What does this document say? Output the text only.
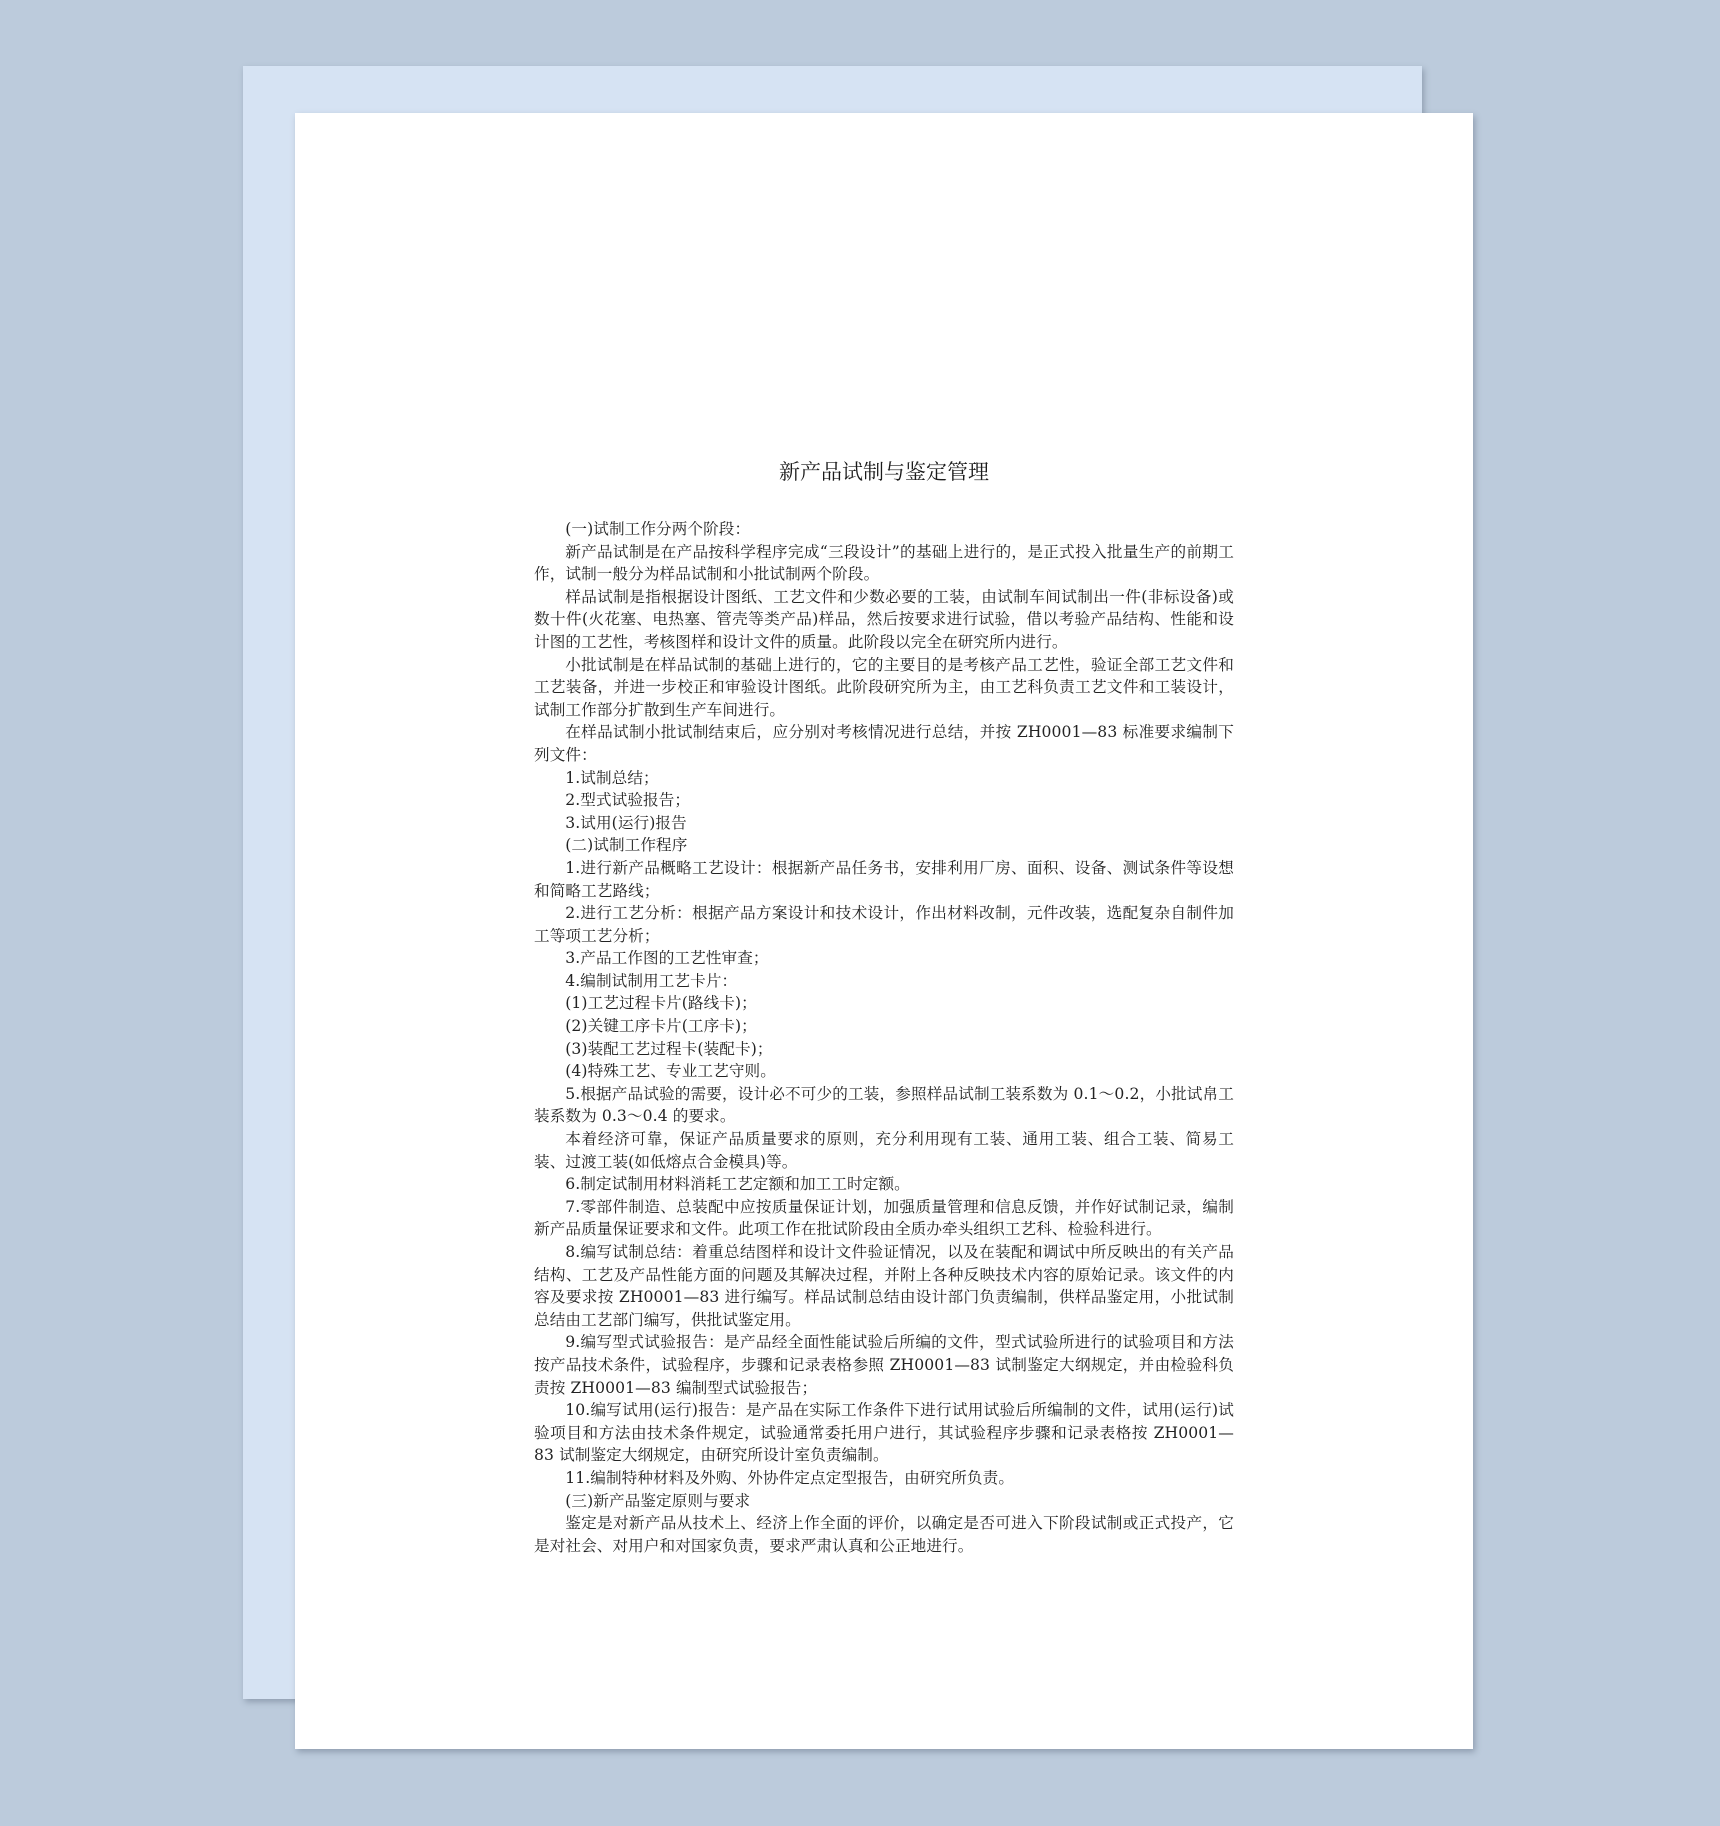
新产品试制与鉴定管理

(一)试制工作分两个阶段：

新产品试制是在产品按科学程序完成“三段设计”的基础上进行的，是正式投入批量生产的前期工作，试制一般分为样品试制和小批试制两个阶段。

样品试制是指根据设计图纸、工艺文件和少数必要的工装，由试制车间试制出一件(非标设备)或数十件(火花塞、电热塞、管壳等类产品)样品，然后按要求进行试验，借以考验产品结构、性能和设计图的工艺性，考核图样和设计文件的质量。此阶段以完全在研究所内进行。

小批试制是在样品试制的基础上进行的，它的主要目的是考核产品工艺性，验证全部工艺文件和工艺装备，并进一步校正和审验设计图纸。此阶段研究所为主，由工艺科负责工艺文件和工装设计，试制工作部分扩散到生产车间进行。

在样品试制小批试制结束后，应分别对考核情况进行总结，并按 ZH0001—83 标准要求编制下列文件：

1.试制总结；

2.型式试验报告；

3.试用(运行)报告

(二)试制工作程序

1.进行新产品概略工艺设计：根据新产品任务书，安排利用厂房、面积、设备、测试条件等设想和简略工艺路线；

2.进行工艺分析：根据产品方案设计和技术设计，作出材料改制，元件改装，选配复杂自制件加工等项工艺分析；

3.产品工作图的工艺性审查；

4.编制试制用工艺卡片：

(1)工艺过程卡片(路线卡)；

(2)关键工序卡片(工序卡)；

(3)装配工艺过程卡(装配卡)；

(4)特殊工艺、专业工艺守则。

5.根据产品试验的需要，设计必不可少的工装，参照样品试制工装系数为 0.1～0.2，小批试帛工装系数为 0.3～0.4 的要求。

本着经济可靠，保证产品质量要求的原则，充分利用现有工装、通用工装、组合工装、简易工装、过渡工装(如低熔点合金模具)等。

6.制定试制用材料消耗工艺定额和加工工时定额。

7.零部件制造、总装配中应按质量保证计划，加强质量管理和信息反馈，并作好试制记录，编制新产品质量保证要求和文件。此项工作在批试阶段由全质办牵头组织工艺科、检验科进行。

8.编写试制总结：着重总结图样和设计文件验证情况，以及在装配和调试中所反映出的有关产品结构、工艺及产品性能方面的问题及其解决过程，并附上各种反映技术内容的原始记录。该文件的内容及要求按 ZH0001—83 进行编写。样品试制总结由设计部门负责编制，供样品鉴定用，小批试制总结由工艺部门编写，供批试鉴定用。

9.编写型式试验报告：是产品经全面性能试验后所编的文件，型式试验所进行的试验项目和方法按产品技术条件，试验程序，步骤和记录表格参照 ZH0001—83 试制鉴定大纲规定，并由检验科负责按 ZH0001—83 编制型式试验报告；

10.编写试用(运行)报告：是产品在实际工作条件下进行试用试验后所编制的文件，试用(运行)试验项目和方法由技术条件规定，试验通常委托用户进行，其试验程序步骤和记录表格按 ZH0001—83 试制鉴定大纲规定，由研究所设计室负责编制。

11.编制特种材料及外购、外协件定点定型报告，由研究所负责。

(三)新产品鉴定原则与要求

鉴定是对新产品从技术上、经济上作全面的评价，以确定是否可进入下阶段试制或正式投产，它是对社会、对用户和对国家负责，要求严肃认真和公正地进行。
